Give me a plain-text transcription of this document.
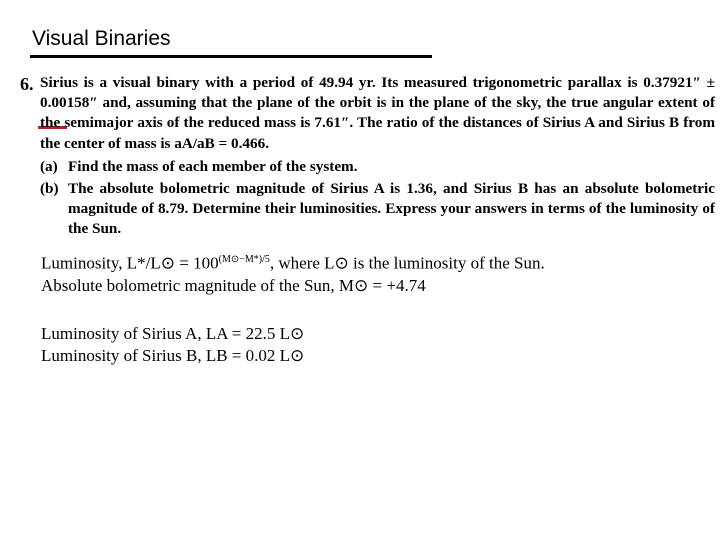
Visual Binaries
6. Sirius is a visual binary with a period of 49.94 yr. Its measured trigonometric parallax is 0.37921″ ± 0.00158″ and, assuming that the plane of the orbit is in the plane of the sky, the true angular extent of the semimajor axis of the reduced mass is 7.61″. The ratio of the distances of Sirius A and Sirius B from the center of mass is aA/aB = 0.466.

(a) Find the mass of each member of the system.
(b) The absolute bolometric magnitude of Sirius A is 1.36, and Sirius B has an absolute bolometric magnitude of 8.79. Determine their luminosities. Express your answers in terms of the luminosity of the Sun.
Luminosity, L*/L⊙ = $100^{(M⊙-M*)/5}$, where L⊙ is the luminosity of the Sun.
Absolute bolometric magnitude of the Sun, M⊙ = +4.74
Luminosity of Sirius A, LA = 22.5 L⊙
Luminosity of Sirius B, LB = 0.02 L⊙
